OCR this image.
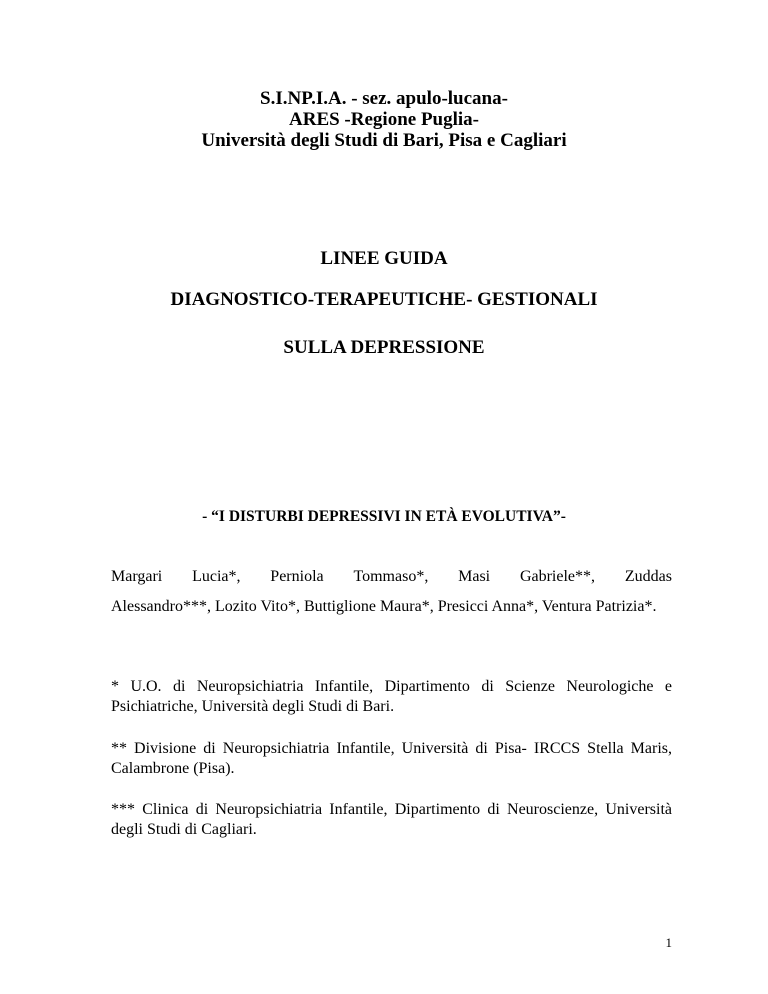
S.I.NP.I.A. - sez. apulo-lucana-
ARES -Regione Puglia-
Università degli Studi di Bari, Pisa e Cagliari
LINEE GUIDA
DIAGNOSTICO-TERAPEUTICHE- GESTIONALI
SULLA DEPRESSIONE
- “I DISTURBI DEPRESSIVI IN ETÀ EVOLUTIVA”-
Margari Lucia*, Perniola Tommaso*, Masi Gabriele**, Zuddas
Alessandro***, Lozito Vito*, Buttiglione Maura*, Presicci Anna*, Ventura Patrizia*.
* U.O. di Neuropsichiatria Infantile, Dipartimento di Scienze Neurologiche e Psichiatriche, Università degli Studi di Bari.
** Divisione di Neuropsichiatria Infantile, Università di Pisa- IRCCS Stella Maris, Calambrone (Pisa).
*** Clinica di Neuropsichiatria Infantile, Dipartimento di Neuroscienze, Università degli Studi di Cagliari.
1
